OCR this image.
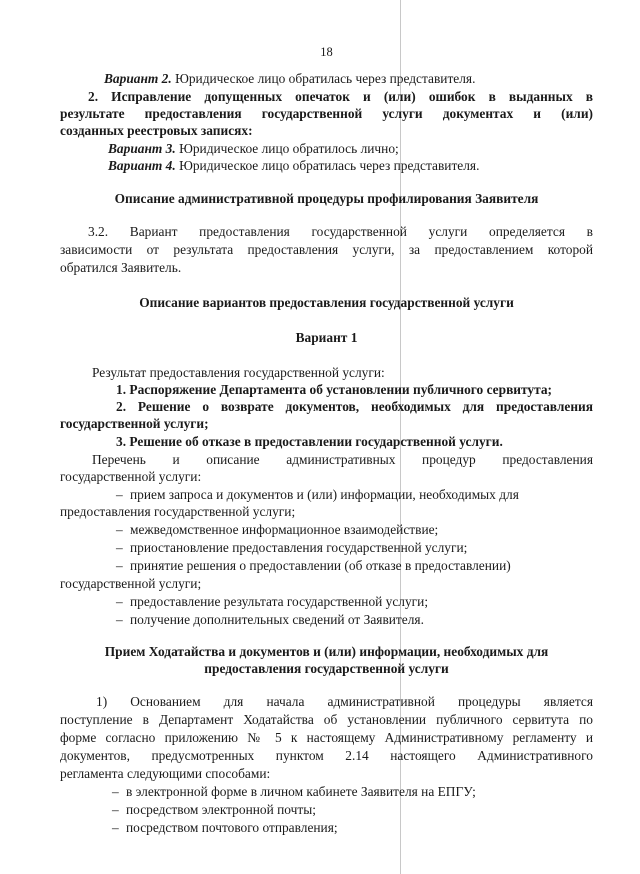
18
Вариант 2. Юридическое лицо обратилась через представителя.
2. Исправление допущенных опечаток и (или) ошибок в выданных в
результате предоставления государственной услуги документах и (или)
созданных реестровых записях:
Вариант 3. Юридическое лицо обратилось лично;
Вариант 4. Юридическое лицо обратилась через представителя.
Описание административной процедуры профилирования Заявителя
3.2. Вариант предоставления государственной услуги определяется в
зависимости от результата предоставления услуги, за предоставлением которой
обратился Заявитель.
Описание вариантов предоставления государственной услуги
Вариант 1
Результат предоставления государственной услуги:
1. Распоряжение Департамента об установлении публичного сервитута;
2. Решение о возврате документов, необходимых для предоставления
государственной услуги;
3. Решение об отказе в предоставлении государственной услуги.
Перечень и описание административных процедур предоставления
государственной услуги:
– прием запроса и документов и (или) информации, необходимых для
предоставления государственной услуги;
– межведомственное информационное взаимодействие;
– приостановление предоставления государственной услуги;
– принятие решения о предоставлении (об отказе в предоставлении)
государственной услуги;
– предоставление результата государственной услуги;
– получение дополнительных сведений от Заявителя.
Прием Ходатайства и документов и (или) информации, необходимых для
предоставления государственной услуги
1) Основанием для начала административной процедуры является
поступление в Департамент Ходатайства об установлении публичного сервитута по
форме согласно приложению № 5 к настоящему Административному регламенту и
документов, предусмотренных пунктом 2.14 настоящего Административного
регламента следующими способами:
– в электронной форме в личном кабинете Заявителя на ЕПГУ;
– посредством электронной почты;
– посредством почтового отправления;
